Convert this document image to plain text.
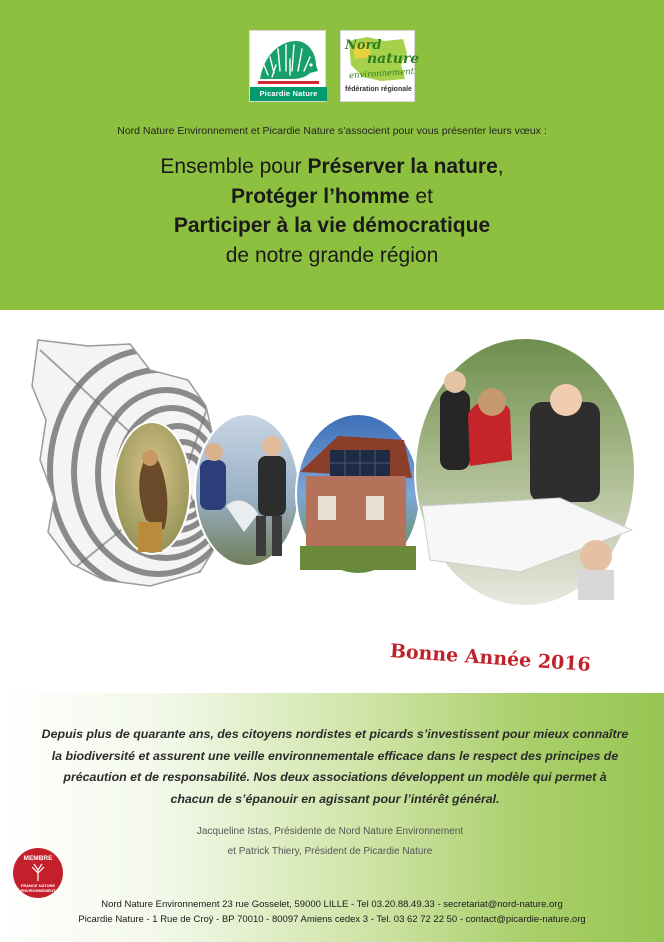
Picardie Nature
Nord
nature
environnement
fédération régionale
Nord Nature Environnement et Picardie Nature s’associent pour vous présenter leurs vœux :
Ensemble pour Préserver la nature,
Protéger l’homme et
Participer à la vie démocratique
de notre grande région
Bonne Année 2016
Depuis plus de quarante ans, des citoyens nordistes et picards s’investissent pour mieux connaître la biodiversité et assurent une veille environnementale efficace dans le respect des principes de précaution et de responsabilité. Nos deux associations développent un modèle qui permet à chacun de s’épanouir en agissant pour l’intérêt général.
Jacqueline Istas, Présidente de Nord Nature Environnement
et Patrick Thiery, Président de Picardie Nature
MEMBRE
FRANCE NATURE
ENVIRONNEMENT
Nord Nature Environnement 23 rue Gosselet, 59000 LILLE - Tel 03.20.88.49.33 - secretariat@nord-nature.org
Picardie Nature - 1 Rue de Croÿ - BP 70010 - 80097 Amiens cedex 3 - Tel. 03 62 72 22 50 - contact@picardie-nature.org
